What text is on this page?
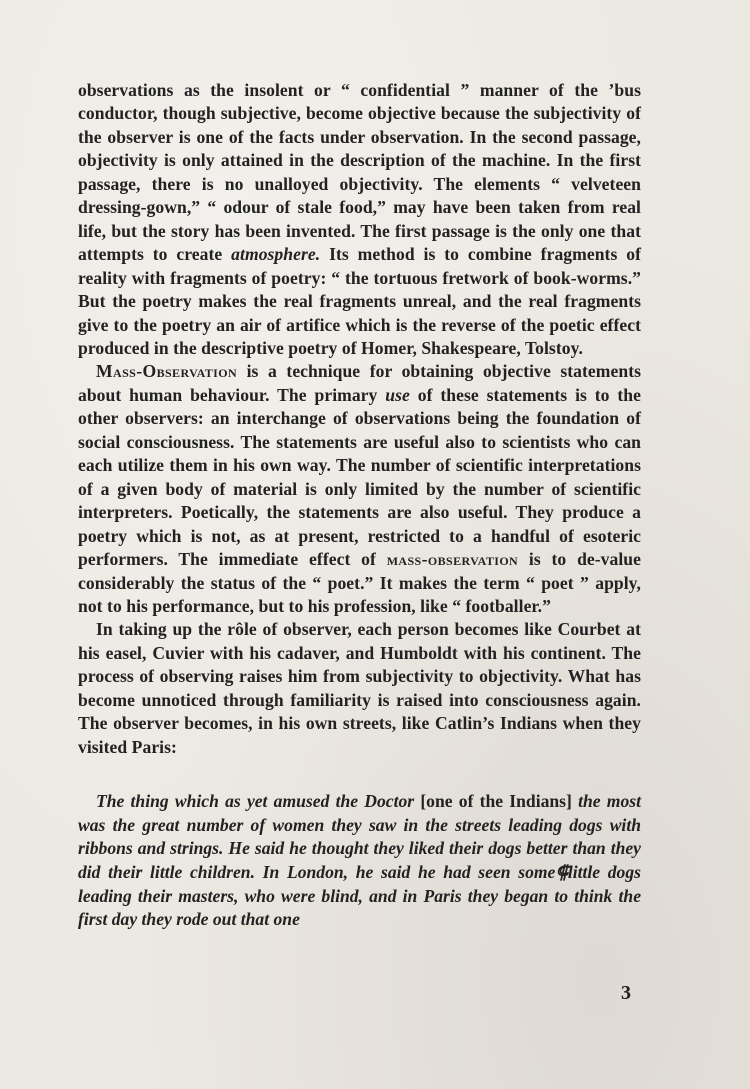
observations as the insolent or “ confidential ” manner of the ’bus conductor, though subjective, become objective because the subjectivity of the observer is one of the facts under observation. In the second passage, objectivity is only attained in the description of the machine. In the first passage, there is no unalloyed objectivity. The elements “ velveteen dressing-gown,” “ odour of stale food,” may have been taken from real life, but the story has been invented. The first passage is the only one that attempts to create atmosphere. Its method is to combine fragments of reality with fragments of poetry: “ the tortuous fretwork of book-worms.” But the poetry makes the real fragments unreal, and the real fragments give to the poetry an air of artifice which is the reverse of the poetic effect produced in the descriptive poetry of Homer, Shakespeare, Tolstoy.

Mass-Observation is a technique for obtaining objective statements about human behaviour. The primary use of these statements is to the other observers: an interchange of observations being the foundation of social consciousness. The statements are useful also to scientists who can each utilize them in his own way. The number of scientific interpretations of a given body of material is only limited by the number of scientific interpreters. Poetically, the statements are also useful. They produce a poetry which is not, as at present, restricted to a handful of esoteric performers. The immediate effect of mass-observation is to de-value considerably the status of the “ poet.” It makes the term “ poet ” apply, not to his performance, but to his profession, like “ footballer.”

In taking up the rôle of observer, each person becomes like Courbet at his easel, Cuvier with his cadaver, and Humboldt with his continent. The process of observing raises him from subjectivity to objectivity. What has become unnoticed through familiarity is raised into consciousness again. The observer becomes, in his own streets, like Catlin’s Indians when they visited Paris:

The thing which as yet amused the Doctor [one of the Indians] the most was the great number of women they saw in the streets leading dogs with ribbons and strings. He said he thought they liked their dogs better than they did their little children. In London, he said he had seen some⸿little dogs leading their masters, who were blind, and in Paris they began to think the first day they rode out that one

3
